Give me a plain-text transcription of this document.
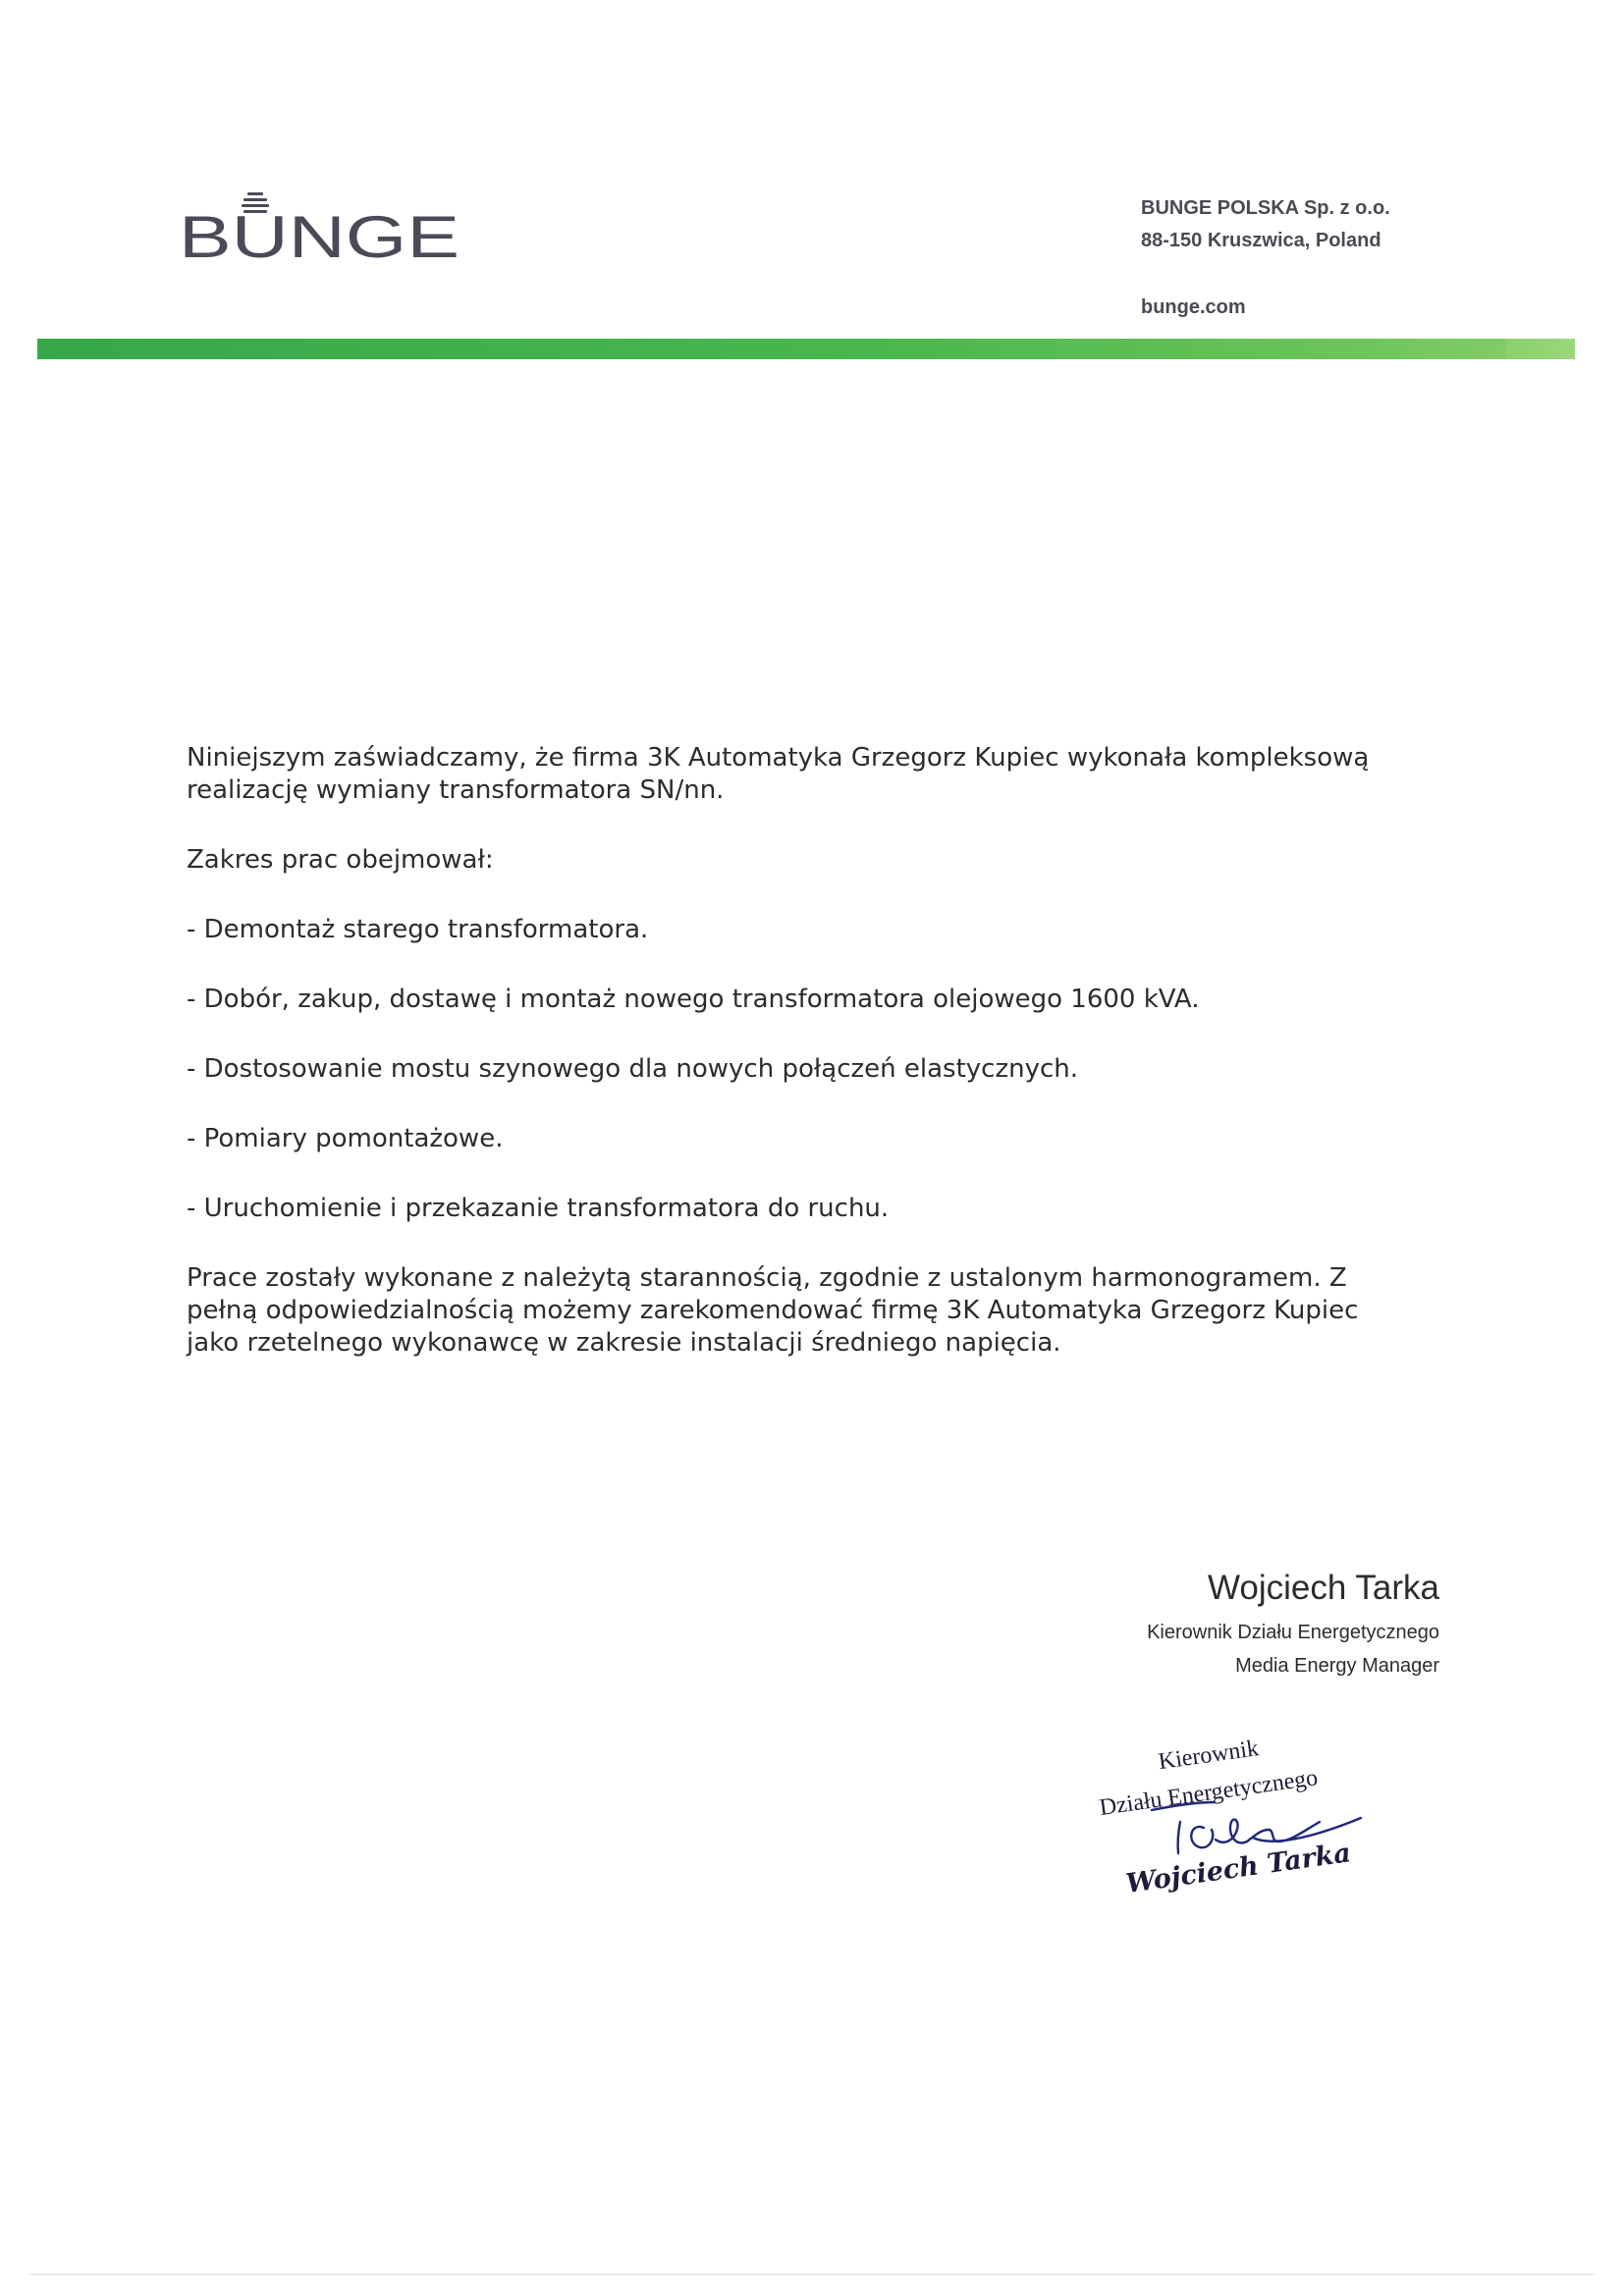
BUNGE	BUNGE POLSKA Sp. z o.o.
88-150 Kruszwica, Poland
bunge.com

Niniejszym zaświadczamy, że firma 3K Automatyka Grzegorz Kupiec wykonała kompleksową
realizację wymiany transformatora SN/nn.

Zakres prac obejmował:

- Demontaż starego transformatora.

- Dobór, zakup, dostawę i montaż nowego transformatora olejowego 1600 kVA.

- Dostosowanie mostu szynowego dla nowych połączeń elastycznych.

- Pomiary pomontażowe.

- Uruchomienie i przekazanie transformatora do ruchu.

Prace zostały wykonane z należytą starannością, zgodnie z ustalonym harmonogramem. Z
pełną odpowiedzialnością możemy zarekomendować firmę 3K Automatyka Grzegorz Kupiec
jako rzetelnego wykonawcę w zakresie instalacji średniego napięcia.

Wojciech Tarka
Kierownik Działu Energetycznego
Media Energy Manager
Kierownik
Działu Energetycznego
Wojciech Tarka
